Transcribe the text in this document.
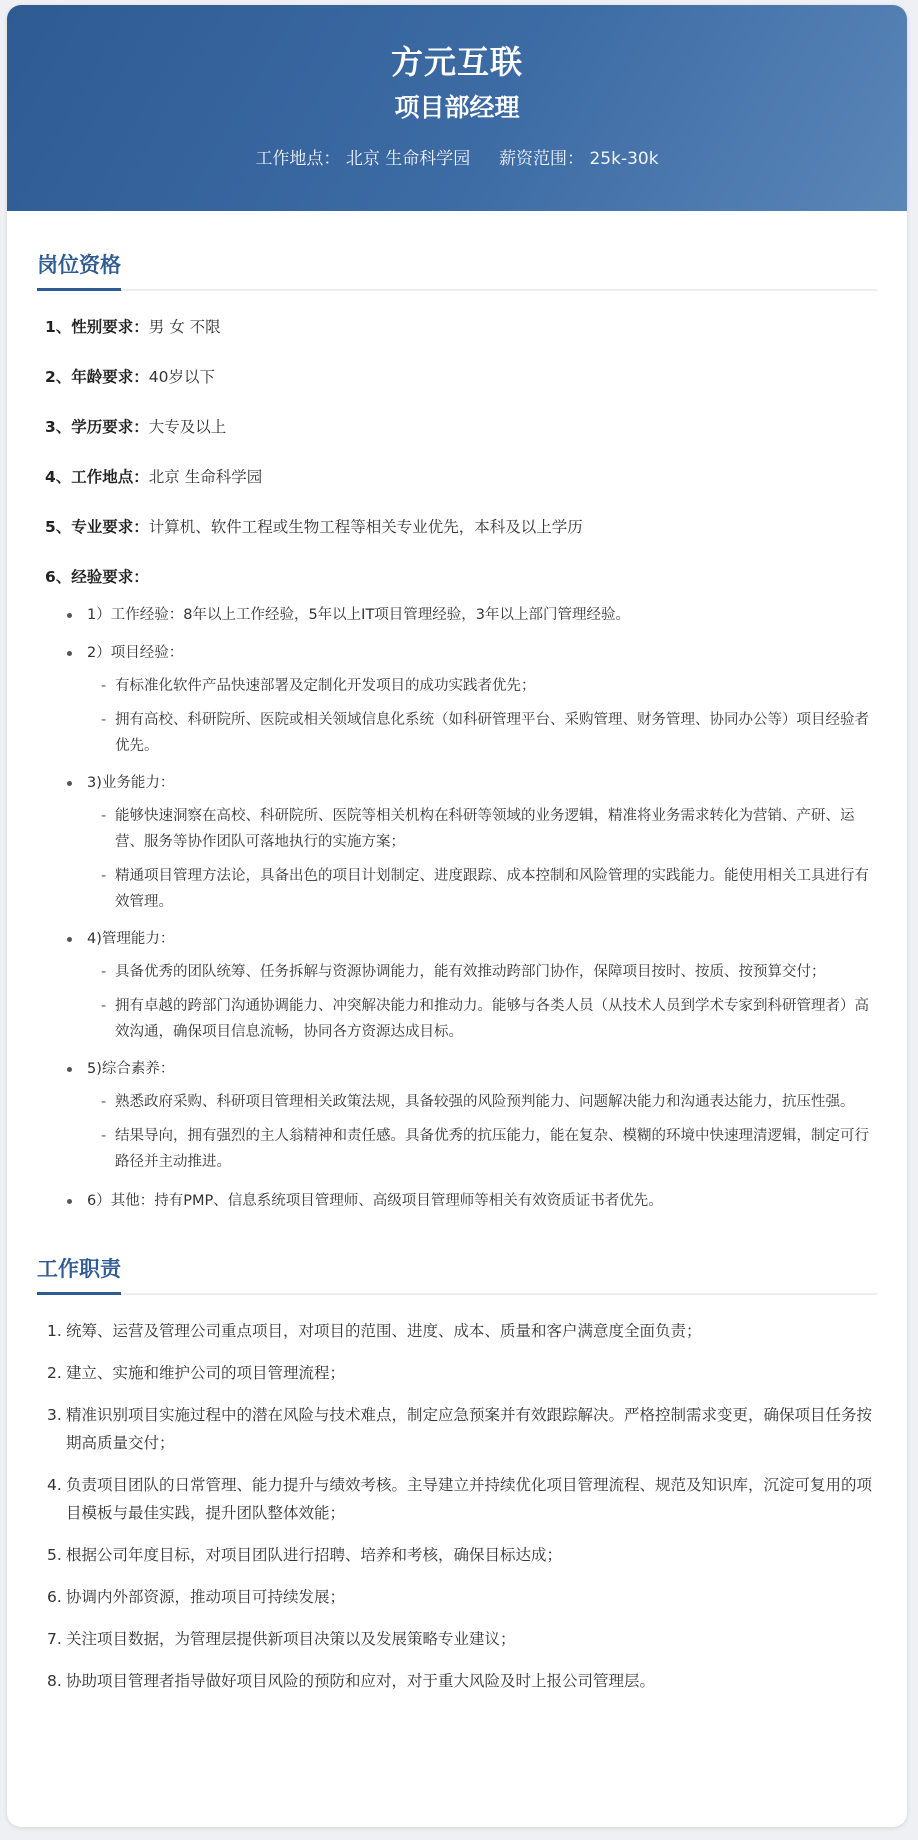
方元互联
项目部经理
工作地点： 北京 生命科学园 薪资范围： 25k-30k
岗位资格
1、性别要求：男 女 不限
2、年龄要求：40岁以下
3、学历要求：大专及以上
4、工作地点：北京 生命科学园
5、专业要求：计算机、软件工程或生物工程等相关专业优先，本科及以上学历
6、经验要求：
1）工作经验：8年以上工作经验，5年以上IT项目管理经验，3年以上部门管理经验。
2）项目经验：
- 有标准化软件产品快速部署及定制化开发项目的成功实践者优先；
- 拥有高校、科研院所、医院或相关领域信息化系统（如科研管理平台、采购管理、财务管理、协同办公等）项目经验者优先。
3)业务能力：
- 能够快速洞察在高校、科研院所、医院等相关机构在科研等领域的业务逻辑，精准将业务需求转化为营销、产研、运营、服务等协作团队可落地执行的实施方案；
- 精通项目管理方法论，具备出色的项目计划制定、进度跟踪、成本控制和风险管理的实践能力。能使用相关工具进行有效管理。
4)管理能力：
- 具备优秀的团队统筹、任务拆解与资源协调能力，能有效推动跨部门协作，保障项目按时、按质、按预算交付；
- 拥有卓越的跨部门沟通协调能力、冲突解决能力和推动力。能够与各类人员（从技术人员到学术专家到科研管理者）高效沟通，确保项目信息流畅，协同各方资源达成目标。
5)综合素养：
- 熟悉政府采购、科研项目管理相关政策法规，具备较强的风险预判能力、问题解决能力和沟通表达能力，抗压性强。
- 结果导向，拥有强烈的主人翁精神和责任感。具备优秀的抗压能力，能在复杂、模糊的环境中快速理清逻辑，制定可行路径并主动推进。
6）其他：持有PMP、信息系统项目管理师、高级项目管理师等相关有效资质证书者优先。
工作职责
1. 统筹、运营及管理公司重点项目，对项目的范围、进度、成本、质量和客户满意度全面负责；
2. 建立、实施和维护公司的项目管理流程；
3. 精准识别项目实施过程中的潜在风险与技术难点，制定应急预案并有效跟踪解决。严格控制需求变更，确保项目任务按期高质量交付；
4. 负责项目团队的日常管理、能力提升与绩效考核。主导建立并持续优化项目管理流程、规范及知识库，沉淀可复用的项目模板与最佳实践，提升团队整体效能；
5. 根据公司年度目标，对项目团队进行招聘、培养和考核，确保目标达成；
6. 协调内外部资源，推动项目可持续发展；
7. 关注项目数据，为管理层提供新项目决策以及发展策略专业建议；
8. 协助项目管理者指导做好项目风险的预防和应对，对于重大风险及时上报公司管理层。
